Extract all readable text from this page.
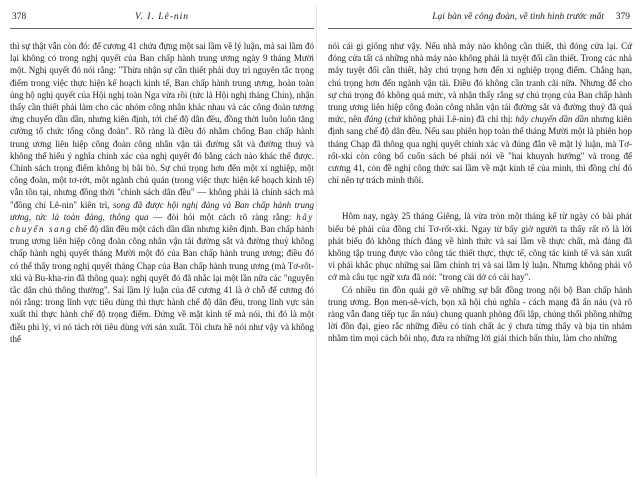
378	V. I. Lê-nin

thì sự thật vẫn còn đó: để cương 41 chứa đựng một sai lầm về lý luận, mà sai lầm đó lại không có trong nghị quyết của Ban chấp hành trung ương ngày 9 tháng Mười một. Nghị quyết đó nói rằng: "Thừa nhận sự cần thiết phải duy trì nguyên tắc trọng điểm trong việc thực hiện kế hoạch kinh tế, Ban chấp hành trung ương, hoàn toàn ủng hộ nghị quyết của Hội nghị toàn Nga vừa rồi (tức là Hội nghị tháng Chín), nhận thấy cần thiết phải làm cho các nhóm công nhân khác nhau và các công đoàn tương ứng chuyển dần dần, nhưng kiên định, tới chế độ dân đều, đồng thời luôn luôn tăng cường tổ chức tổng công đoàn". Rõ ràng là điều đó nhằm chống Ban chấp hành trung ương liên hiệp công đoàn công nhân vận tải đường sắt và đường thuỷ và không thể hiểu ý nghĩa chính xác của nghị quyết đó bằng cách nào khác thế được. Chính sách trọng điểm không bị bãi bỏ. Sự chú trọng hơn đến một xí nghiệp, một công đoàn, một tơ-rớt, một ngành chủ quản (trong việc thực hiện kế hoạch kinh tế) vẫn tồn tại, nhưng đồng thời "chính sách dân đều" — không phải là chính sách mà "đồng chí Lê-nin" kiên trì, song đã được hội nghị đảng và Ban chấp hành trung ương, tức là toàn đảng, thông qua — đòi hỏi một cách rõ ràng rằng: hãy chuyển sang chế độ dân đều một cách dần dần nhưng kiên định. Ban chấp hành trung ương liên hiệp công đoàn công nhân vận tải đường sắt và đường thuỷ không chấp hành nghị quyết tháng Mười một đó của Ban chấp hành trung ương; điều đó có thể thấy trong nghị quyết tháng Chạp của Ban chấp hành trung ương (mà Tơ-rốt-xki và Bu-kha-rin đã thông qua): nghị quyết đó đã nhắc lại một lần nữa các "nguyên tắc dân chủ thông thường". Sai lầm lý luận của để cương 41 là ở chỗ để cương đó nói rằng: trong lĩnh vực tiêu dùng thì thực hành chế độ dân đều, trong lĩnh vực sản xuất thì thực hành chế độ trọng điểm. Đứng về mặt kinh tế mà nói, thì đó là một điều phi lý, vì nó tách rời tiêu dùng với sản xuất. Tôi chưa hề nói như vậy và không thể

Lại bàn về công đoàn, về tình hình trước mắt 379

nói cái gì giống như vậy. Nếu nhà máy nào không cần thiết, thì đóng cửa lại. Cứ đóng cửa tất cả những nhà máy nào không phải là tuyệt đối cần thiết. Trong các nhà máy tuyệt đối cần thiết, hãy chú trọng hơn đến xí nghiệp trọng điểm. Chẳng hạn, chú trọng hơn đến ngành vận tải. Điều đó không cần tranh cãi nữa. Nhưng để cho sự chú trọng đó không quá mức, và nhận thấy rằng sự chú trọng của Ban chấp hành trung ương liên hiệp công đoàn công nhân vận tải đường sắt và đường thuỷ đã quá mức, nên đảng (chứ không phải Lê-nin) đã chỉ thị: hãy chuyển dần dần nhưng kiên định sang chế độ dân đều. Nếu sau phiên họp toàn thể tháng Mười một là phiên họp tháng Chạp đã thông qua nghị quyết chính xác và đúng đắn về mặt lý luận, mà Tơ-rốt-xki còn công bố cuốn sách bé phải nói về "hai khuynh hướng" và trong để cương 41, còn đề nghị công thức sai lầm về mặt kinh tế của mình, thì đồng chí đó chỉ nên tự trách mình thôi.

Hôm nay, ngày 25 tháng Giêng, là vừa tròn một tháng kể từ ngày có bài phát biểu bè phái của đồng chí Tơ-rốt-xki. Ngay từ bấy giờ người ta thấy rất rõ là lời phát biểu đó không thích đáng về hình thức và sai lầm về thực chất, mà đảng đã không tập trung được vào công tác thiết thực, thực tế, công tác kinh tế và sản xuất vì phải khắc phục những sai lầm chính trị và sai lầm lý luận. Nhưng không phải vô cớ mà câu tục ngữ xưa đã nói: "trong cái dở có cái hay".

Có nhiều tin đồn quái gở về những sự bất đồng trong nội bộ Ban chấp hành trung ương. Bọn men-sê-vích, bọn xã hội chủ nghĩa - cách mạng đã ẩn náu (và rõ ràng vẫn đang tiếp tục ẩn náu) chung quanh phòng đối lập, chúng thổi phồng những lời đồn đại, gieo rắc những điều có tính chất ác ý chưa từng thấy và bịa tin nhảm nhằm tìm mọi cách bôi nhọ, đưa ra những lời giải thích bẩn thỉu, làm cho những
